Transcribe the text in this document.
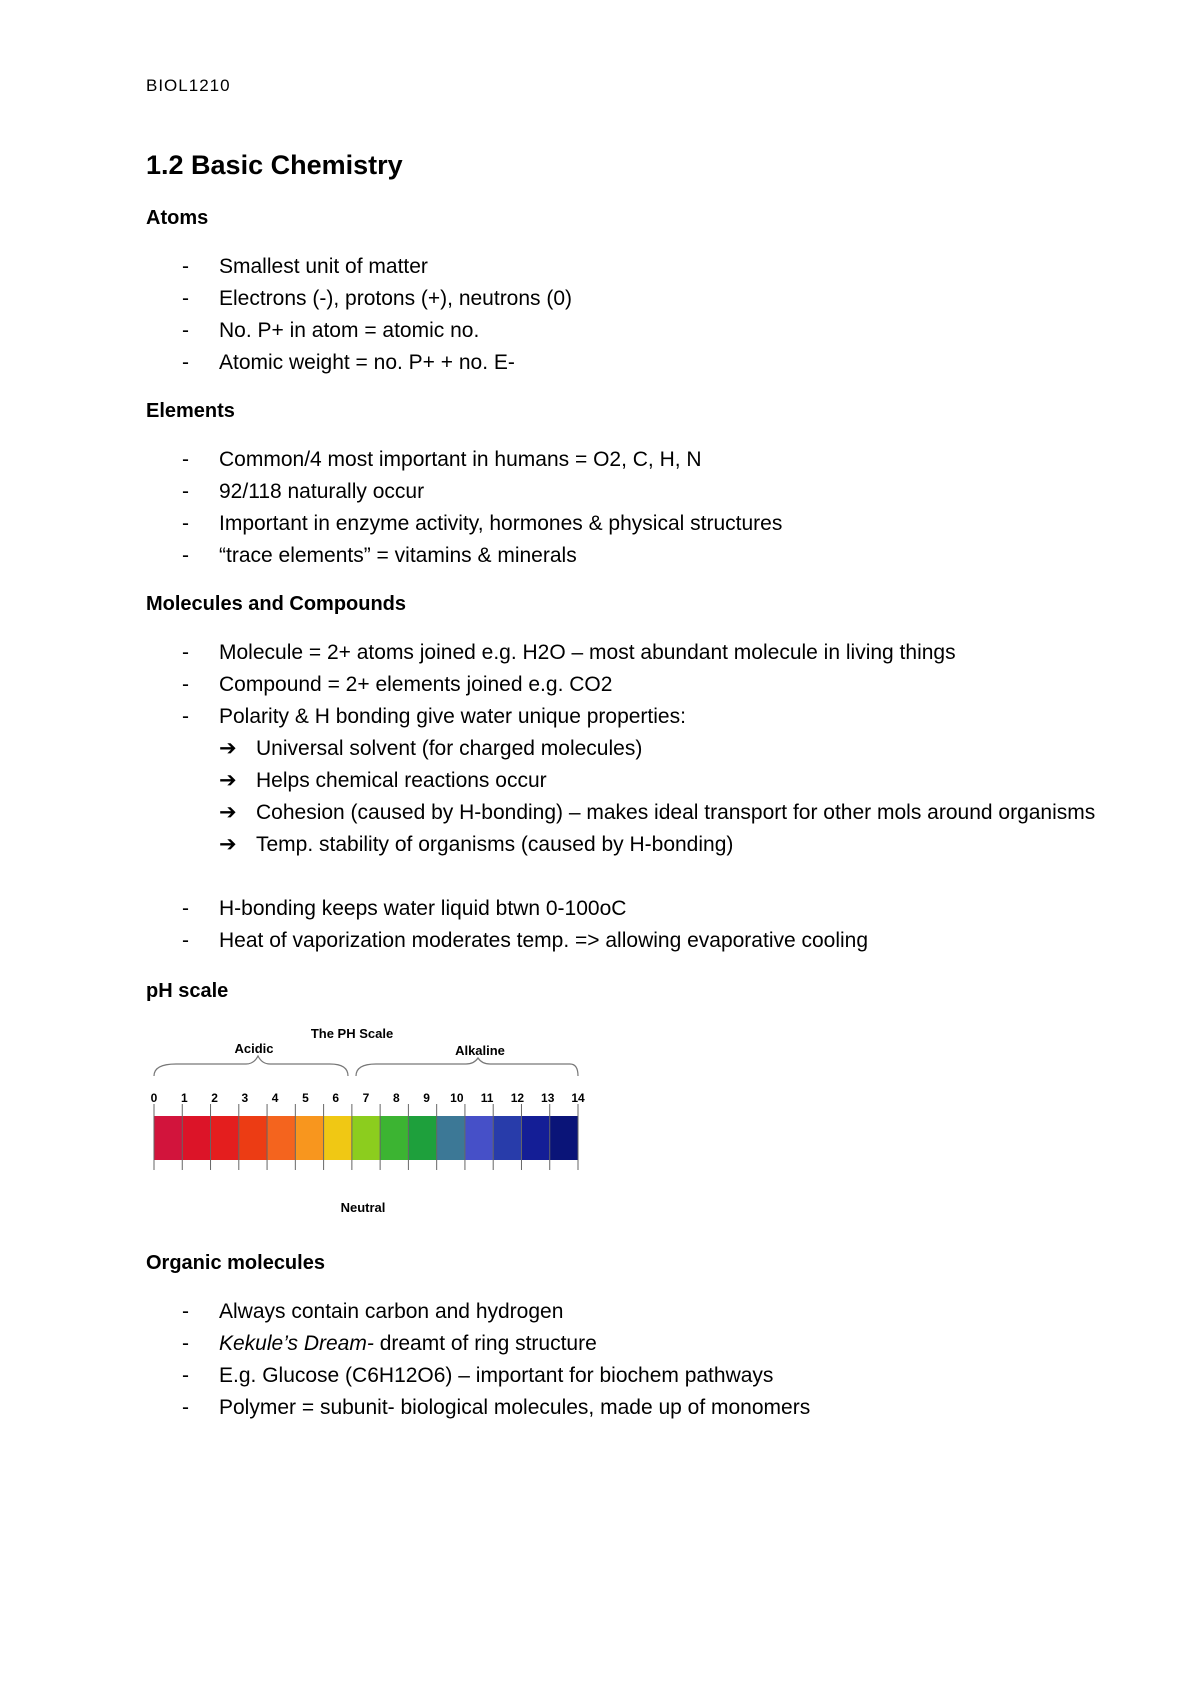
BIOL1210
1.2 Basic Chemistry
Atoms
- Smallest unit of matter
- Electrons (-), protons (+), neutrons (0)
- No. P+ in atom = atomic no.
- Atomic weight = no. P+ + no. E-
Elements
- Common/4 most important in humans = O2, C, H, N
- 92/118 naturally occur
- Important in enzyme activity, hormones & physical structures
- “trace elements” = vitamins & minerals
Molecules and Compounds
- Molecule = 2+ atoms joined e.g. H2O – most abundant molecule in living things
- Compound = 2+ elements joined e.g. CO2
- Polarity & H bonding give water unique properties:
➔ Universal solvent (for charged molecules)
➔ Helps chemical reactions occur
➔ Cohesion (caused by H-bonding) – makes ideal transport for other mols around organisms
➔ Temp. stability of organisms (caused by H-bonding)
- H-bonding keeps water liquid btwn 0-100oC
- Heat of vaporization moderates temp. => allowing evaporative cooling
pH scale
The PH Scale
Acidic	Alkaline
0 1 2 3 4 5 6 7 8 9 10 11 12 13 14
Neutral
Organic molecules
- Always contain carbon and hydrogen
- Kekule’s Dream- dreamt of ring structure
- E.g. Glucose (C6H12O6) – important for biochem pathways
- Polymer = subunit- biological molecules, made up of monomers
